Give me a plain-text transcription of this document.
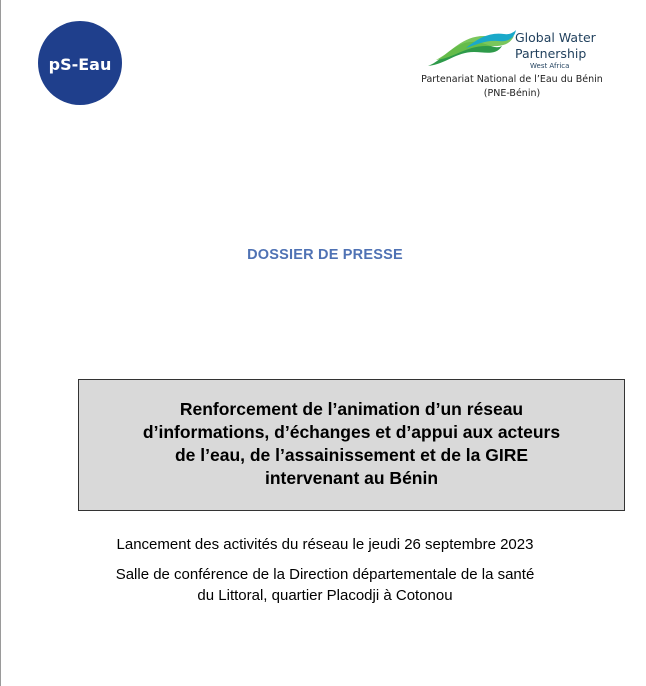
pS-Eau
Global Water
Partnership
West Africa
Partenariat National de l’Eau du Bénin
(PNE-Bénin)
DOSSIER DE PRESSE
Renforcement de l’animation d’un réseau
d’informations, d’échanges et d’appui aux acteurs
de l’eau, de l’assainissement et de la GIRE
intervenant au Bénin
Lancement des activités du réseau le jeudi 26 septembre 2023
Salle de conférence de la Direction départementale de la santé
du Littoral, quartier Placodji à Cotonou
